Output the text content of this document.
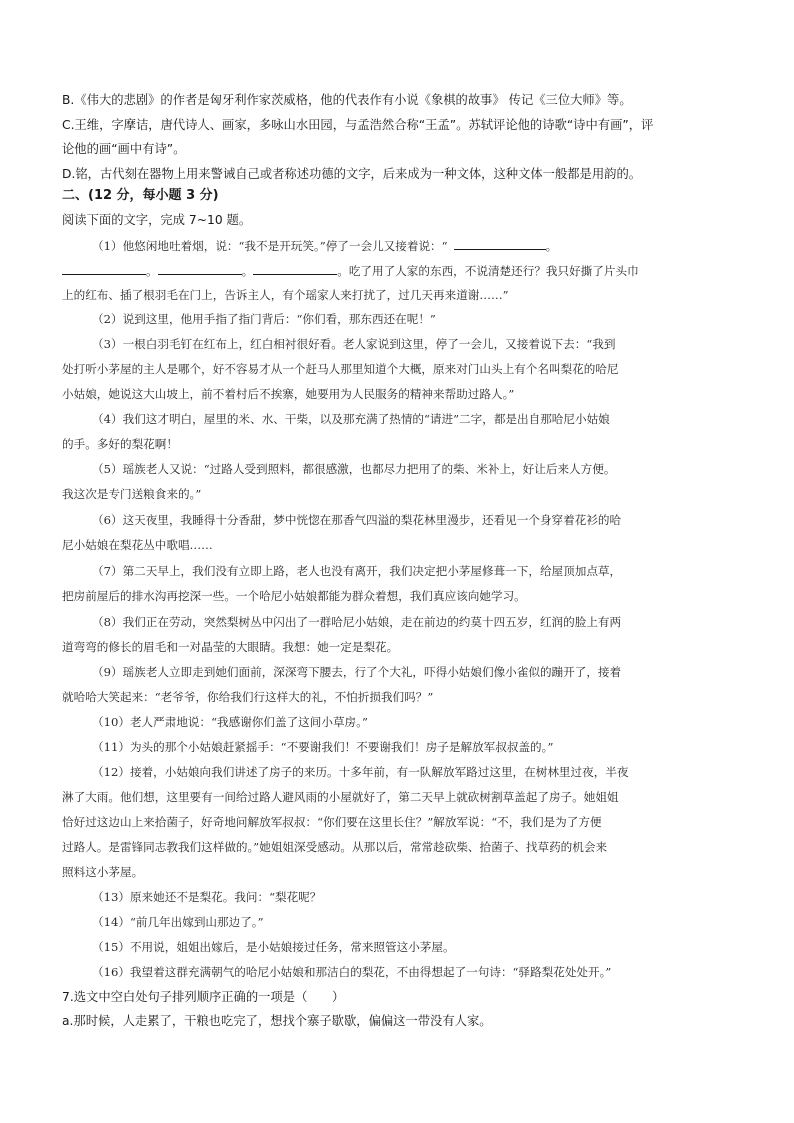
B.《伟大的悲剧》的作者是匈牙利作家茨威格，他的代表作有小说《象棋的故事》 传记《三位大师》等。
C.王维，字摩诘，唐代诗人、画家，多咏山水田园，与孟浩然合称“王孟”。苏轼评论他的诗歌“诗中有画”，评
论他的画“画中有诗”。
D.铭，古代刻在器物上用来警诫自己或者称述功德的文字，后来成为一种文体，这种文体一般都是用韵的。
二、(12 分，每小题 3 分)
阅读下面的文字，完成 7~10 题。
（1）他悠闲地吐着烟，说：“我不是开玩笑。”停了一会儿又接着说：“	。
。	。	。吃了用了人家的东西，不说清楚还行？我只好撕了片头巾
上的红布、插了根羽毛在门上，告诉主人，有个瑶家人来打扰了，过几天再来道谢……”
（2）说到这里，他用手指了指门背后：“你们看，那东西还在呢！”
（3）一根白羽毛钉在红布上，红白相衬很好看。老人家说到这里，停了一会儿，又接着说下去：“我到
处打听小茅屋的主人是哪个，好不容易才从一个赶马人那里知道个大概，原来对门山头上有个名叫梨花的哈尼
小姑娘，她说这大山坡上，前不着村后不挨寨，她要用为人民服务的精神来帮助过路人。”
（4）我们这才明白，屋里的米、水、干柴，以及那充满了热情的“请进”二字，都是出自那哈尼小姑娘
的手。多好的梨花啊！
（5）瑶族老人又说：“过路人受到照料，都很感激，也都尽力把用了的柴、米补上，好让后来人方便。
我这次是专门送粮食来的。”
（6）这天夜里，我睡得十分香甜，梦中恍惚在那香气四溢的梨花林里漫步，还看见一个身穿着花衫的哈
尼小姑娘在梨花丛中歌唱……
（7）第二天早上，我们没有立即上路，老人也没有离开，我们决定把小茅屋修葺一下，给屋顶加点草，
把房前屋后的排水沟再挖深一些。一个哈尼小姑娘都能为群众着想，我们真应该向她学习。
（8）我们正在劳动，突然梨树丛中闪出了一群哈尼小姑娘，走在前边的约莫十四五岁，红润的脸上有两
道弯弯的修长的眉毛和一对晶莹的大眼睛。我想：她一定是梨花。
（9）瑶族老人立即走到她们面前，深深弯下腰去，行了个大礼，吓得小姑娘们像小雀似的蹦开了，接着
就哈哈大笑起来：“老爷爷，你给我们行这样大的礼，不怕折损我们吗？”
（10）老人严肃地说：“我感谢你们盖了这间小草房。”
（11）为头的那个小姑娘赶紧摇手：“不要谢我们！不要谢我们！房子是解放军叔叔盖的。”
（12）接着，小姑娘向我们讲述了房子的来历。十多年前，有一队解放军路过这里，在树林里过夜，半夜
淋了大雨。他们想，这里要有一间给过路人避风雨的小屋就好了，第二天早上就砍树割草盖起了房子。她姐姐
恰好过这边山上来拾菌子，好奇地问解放军叔叔：“你们要在这里长住？”解放军说：“不，我们是为了方便
过路人。是雷锋同志教我们这样做的。”她姐姐深受感动。从那以后，常常趁砍柴、拾菌子、找草药的机会来
照料这小茅屋。
（13）原来她还不是梨花。我问：“梨花呢？
（14）“前几年出嫁到山那边了。”
（15）不用说，姐姐出嫁后，是小姑娘接过任务，常来照管这小茅屋。
（16）我望着这群充满朝气的哈尼小姑娘和那洁白的梨花，不由得想起了一句诗：“驿路梨花处处开。”
7.选文中空白处句子排列顺序正确的一项是（　　）
a.那时候，人走累了，干粮也吃完了，想找个寨子歇歇，偏偏这一带没有人家。
